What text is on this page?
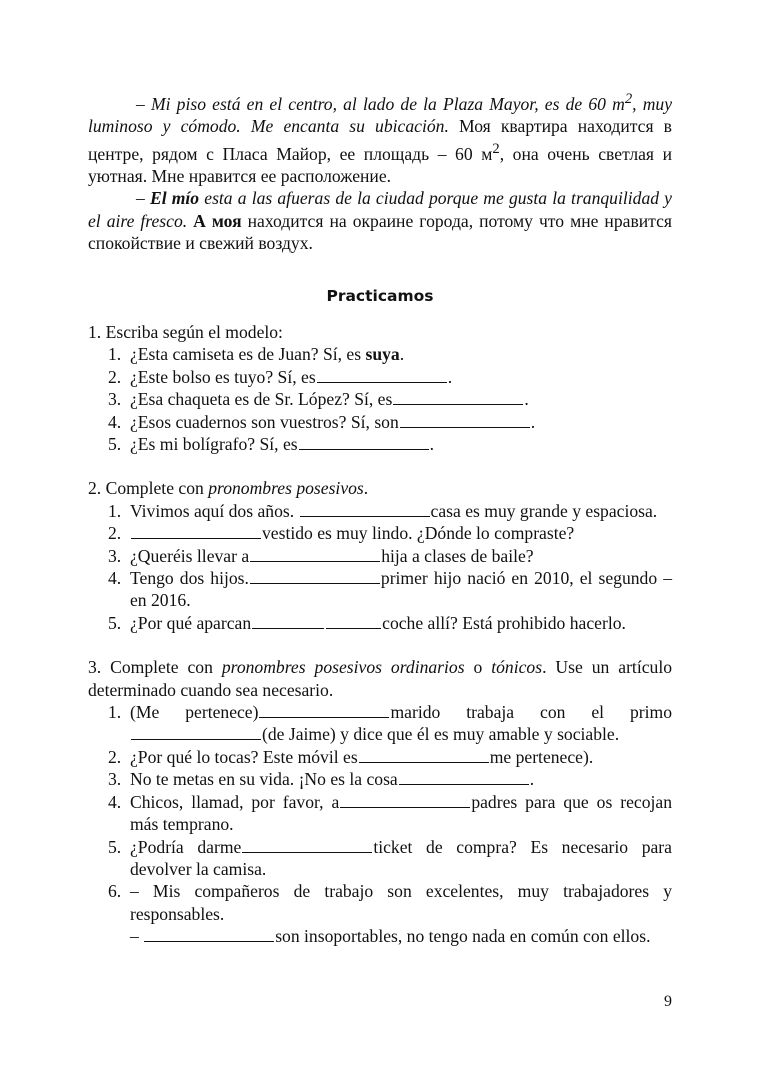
– Mi piso está en el centro, al lado de la Plaza Mayor, es de 60 $m^2$, muy luminoso y cómodo. Me encanta su ubicación. Моя квартира находится в центре, рядом с Пласа Майор, ее площадь – 60 $м^2$, она очень светлая и уютная. Мне нравится ее расположение.

– El mío esta a las afueras de la ciudad porque me gusta la tranquilidad y el aire fresco. А моя находится на окраине города, потому что мне нравится спокойствие и свежий воздух.

Practicamos

1. Escriba según el modelo:

1. ¿Esta camiseta es de Juan? Sí, es suya.
2. ¿Este bolso es tuyo? Sí, es	.
3. ¿Esa chaqueta es de Sr. López? Sí, es	.
4. ¿Esos cuadernos son vuestros? Sí, son	.
5. ¿Es mi bolígrafo? Sí, es	.

2. Complete con pronombres posesivos.

1. Vivimos aquí dos años.	casa es muy grande y espaciosa.
2.	vestido es muy lindo. ¿Dónde lo compraste?
3. ¿Queréis llevar a	hija a clases de baile?
4. Tengo dos hijos.	primer hijo nació en 2010, el segundo – en 2016.
5. ¿Por qué aparcan	coche allí? Está prohibido hacerlo.

3. Complete con pronombres posesivos ordinarios o tónicos. Use un artículo determinado cuando sea necesario.

1. (Me pertenece)	marido trabaja con el primo (de Jaime) y dice que él es muy amable y sociable.
2. ¿Por qué lo tocas? Este móvil es	me pertenece).
3. No te metas en su vida. ¡No es la cosa	.
4. Chicos, llamad, por favor, a	padres para que os recojan más temprano.
5. ¿Podría darme	ticket de compra? Es necesario para devolver la camisa.
6. – Mis compañeros de trabajo son excelentes, muy trabajadores y responsables.
–	son insoportables, no tengo nada en común con ellos.
9
